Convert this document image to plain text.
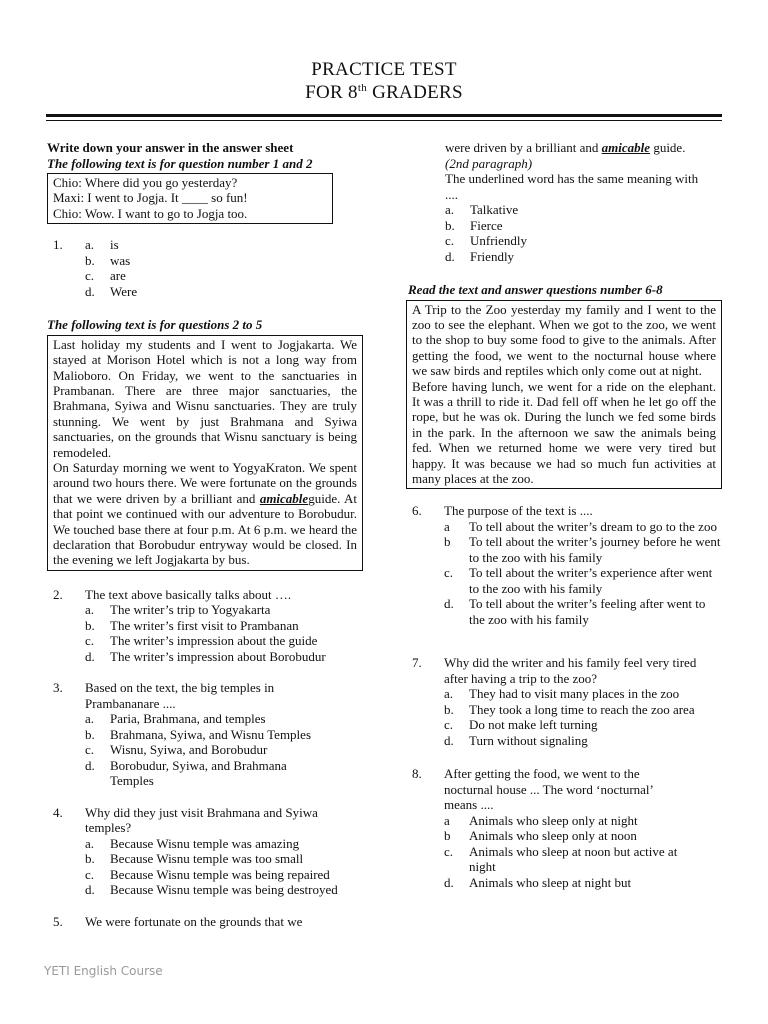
PRACTICE TEST
FOR 8th GRADERS
Write down your answer in the answer sheet
The following text is for question number 1 and 2
Chio: Where did you go yesterday?
Maxi: I went to Jogja. It ____ so fun!
Chio: Wow. I want to go to Jogja too.
1. a. is
b. was
c. are
d. Were
The following text is for questions 2 to 5

Last holiday my students and I went to Jogjakarta. We stayed at Morison Hotel which is not a long way from Malioboro. On Friday, we went to the sanctuaries in Prambanan. There are three major sanctuaries, the Brahmana, Syiwa and Wisnu sanctuaries. They are truly stunning. We went by just Brahmana and Syiwa sanctuaries, on the grounds that Wisnu sanctuary is being remodeled.

On Saturday morning we went to YogyaKraton. We spent around two hours there. We were fortunate on the grounds that we were driven by a brilliant and amicableguide. At that point we continued with our adventure to Borobudur. We touched base there at four p.m. At 6 p.m. we heard the declaration that Borobudur entryway would be closed. In the evening we left Jogjakarta by bus.

2. The text above basically talks about ….
a. The writer’s trip to Yogyakarta
b. The writer’s first visit to Prambanan
c. The writer’s impression about the guide
d. The writer’s impression about Borobudur
3. Based on the text, the big temples in Prambananare ....
a. Paria, Brahmana, and temples
b. Brahmana, Syiwa, and Wisnu Temples
c. Wisnu, Syiwa, and Borobudur
d. Borobudur, Syiwa, and Brahmana Temples
4. Why did they just visit Brahmana and Syiwa temples?
a. Because Wisnu temple was amazing
b. Because Wisnu temple was too small
c. Because Wisnu temple was being repaired
d. Because Wisnu temple was being destroyed
5. We were fortunate on the grounds that we
were driven by a brilliant and amicable guide.
(2nd paragraph)
The underlined word has the same meaning with ....
a. Talkative
b. Fierce
c. Unfriendly
d. Friendly
Read the text and answer questions number 6-8

A Trip to the Zoo yesterday my family and I went to the zoo to see the elephant. When we got to the zoo, we went to the shop to buy some food to give to the animals. After getting the food, we went to the nocturnal house where we saw birds and reptiles which only come out at night.

Before having lunch, we went for a ride on the elephant. It was a thrill to ride it. Dad fell off when he let go off the rope, but he was ok. During the lunch we fed some birds in the park. In the afternoon we saw the animals being fed. When we returned home we were very tired but happy. It was because we had so much fun activities at many places at the zoo.

6. The purpose of the text is ....
a To tell about the writer’s dream to go to the zoo
b To tell about the writer’s journey before he went to the zoo with his family
c. To tell about the writer’s experience after went to the zoo with his family
d. To tell about the writer’s feeling after went to the zoo with his family
7. Why did the writer and his family feel very tired after having a trip to the zoo?
a. They had to visit many places in the zoo
b. They took a long time to reach the zoo area
c. Do not make left turning
d. Turn without signaling
8. After getting the food, we went to the nocturnal house ... The word ‘nocturnal’ means ....
a Animals who sleep only at night
b Animals who sleep only at noon
c. Animals who sleep at noon but active at night
d. Animals who sleep at night but
YETI English Course
